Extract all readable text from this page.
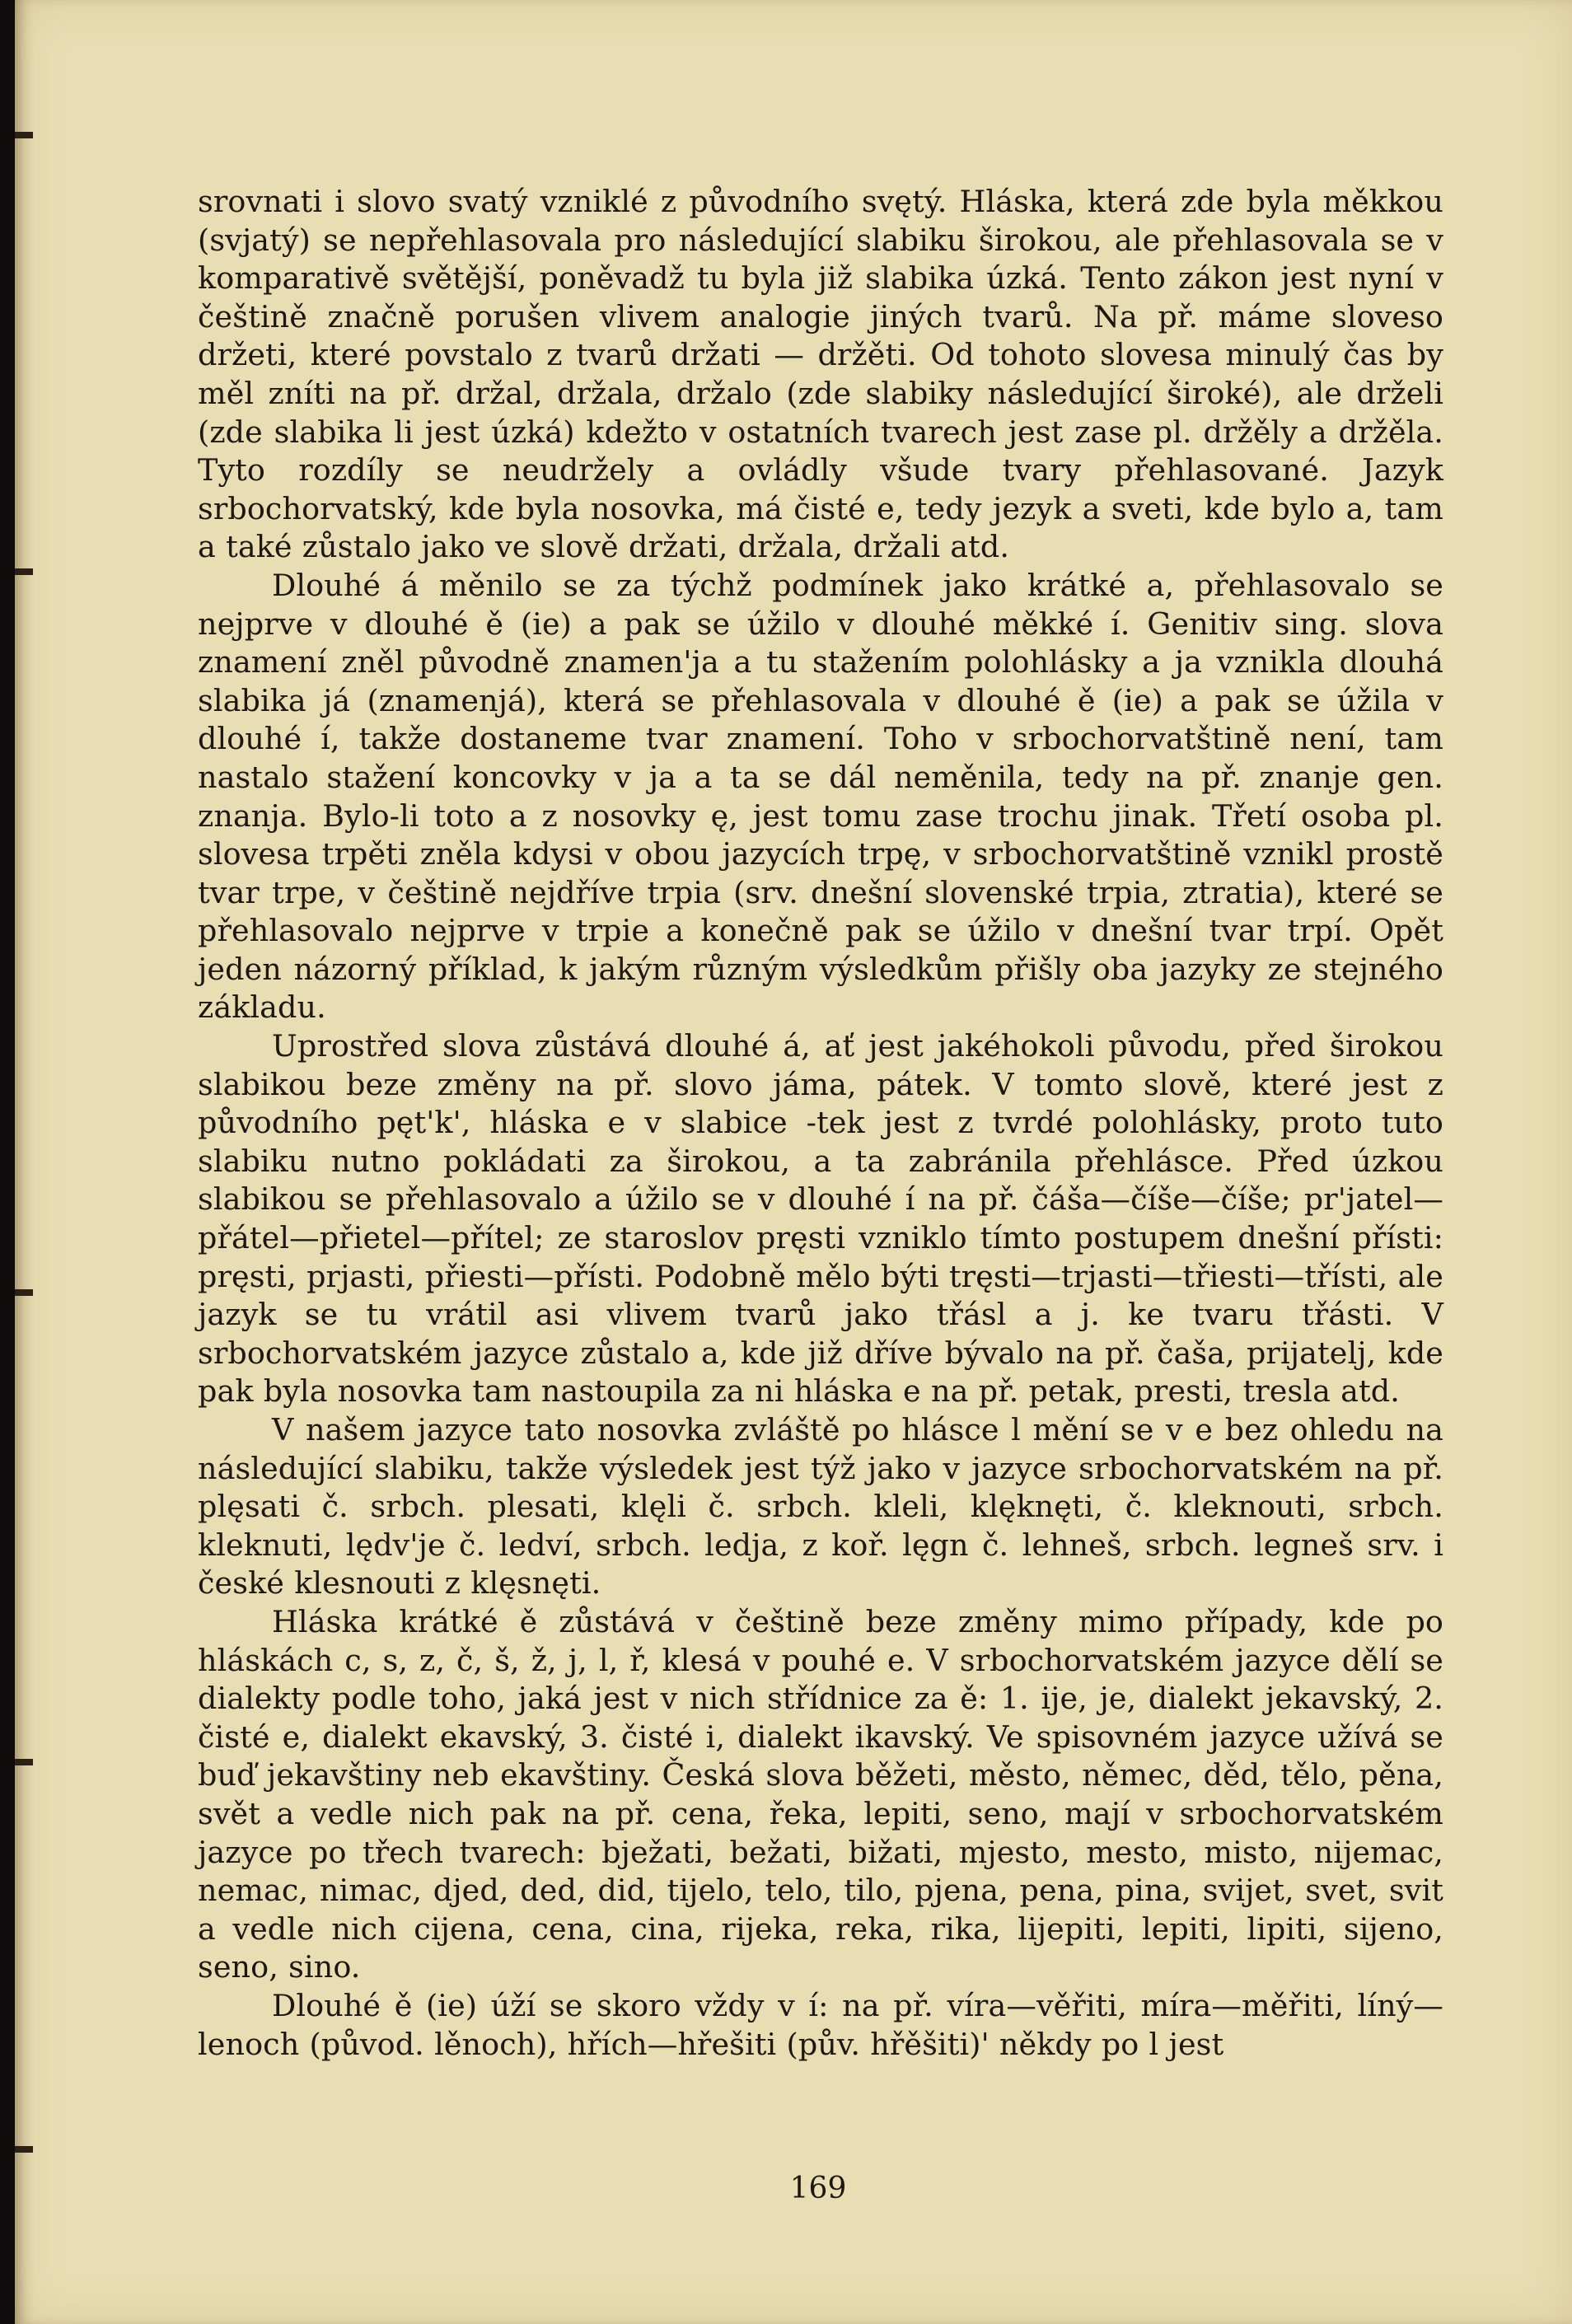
srovnati i slovo svatý vzniklé z původního svętý. Hláska, která zde byla měkkou (svjatý) se nepřehlasovala pro následující slabiku širokou, ale přehlasovala se v komparativě světější, poněvadž tu byla již slabika úzká. Tento zákon jest nyní v češtině značně porušen vlivem analogie jiných tvarů. Na př. máme sloveso držeti, které povstalo z tvarů držati — držěti. Od tohoto slovesa minulý čas by měl zníti na př. držal, držala, držalo (zde slabiky následující široké), ale drželi (zde slabika li jest úzká) kdežto v ostatních tvarech jest zase pl. držěly a držěla. Tyto rozdíly se neudržely a ovládly všude tvary přehlasované. Jazyk srbochorvatský, kde byla nosovka, má čisté e, tedy jezyk a sveti, kde bylo a, tam a také zůstalo jako ve slově držati, držala, držali atd.

Dlouhé á měnilo se za týchž podmínek jako krátké a, přehlasovalo se nejprve v dlouhé ě (ie) a pak se úžilo v dlouhé měkké í. Genitiv sing. slova znamení zněl původně znamen'ja a tu stažením polohlásky a ja vznikla dlouhá slabika já (znamenjá), která se přehlasovala v dlouhé ě (ie) a pak se úžila v dlouhé í, takže dostaneme tvar znamení. Toho v srbochorvatštině není, tam nastalo stažení koncovky v ja a ta se dál neměnila, tedy na př. znanje gen. znanja. Bylo-li toto a z nosovky ę, jest tomu zase trochu jinak. Třetí osoba pl. slovesa trpěti zněla kdysi v obou jazycích trpę, v srbochorvatštině vznikl prostě tvar trpe, v češtině nejdříve trpia (srv. dnešní slovenské trpia, ztratia), které se přehlasovalo nejprve v trpie a konečně pak se úžilo v dnešní tvar trpí. Opět jeden názorný příklad, k jakým různým výsledkům přišly oba jazyky ze stejného základu.

Uprostřed slova zůstává dlouhé á, ať jest jakéhokoli původu, před širokou slabikou beze změny na př. slovo jáma, pátek. V tomto slově, které jest z původního pęt'k', hláska e v slabice -tek jest z tvrdé polohlásky, proto tuto slabiku nutno pokládati za širokou, a ta zabránila přehlásce. Před úzkou slabikou se přehlasovalo a úžilo se v dlouhé í na př. čáša—číše—číše; pr'jatel—přátel—přietel—přítel; ze staroslov pręsti vzniklo tímto postupem dnešní přísti: pręsti, prjasti, přiesti—přísti. Podobně mělo býti tręsti—trjasti—třiesti—třísti, ale jazyk se tu vrátil asi vlivem tvarů jako třásl a j. ke tvaru třásti. V srbochorvatském jazyce zůstalo a, kde již dříve bývalo na př. čaša, prijatelj, kde pak byla nosovka tam nastoupila za ni hláska e na př. petak, presti, tresla atd.

V našem jazyce tato nosovka zvláště po hlásce l mění se v e bez ohledu na následující slabiku, takže výsledek jest týž jako v jazyce srbochorvatském na př. plęsati č. srbch. plesati, klęli č. srbch. kleli, klęknęti, č. kleknouti, srbch. kleknuti, lędv'je č. ledví, srbch. ledja, z koř. lęgn č. lehneš, srbch. legneš srv. i české klesnouti z klęsnęti.

Hláska krátké ě zůstává v češtině beze změny mimo případy, kde po hláskách c, s, z, č, š, ž, j, l, ř, klesá v pouhé e. V srbochorvatském jazyce dělí se dialekty podle toho, jaká jest v nich střídnice za ě: 1. ije, je, dialekt jekavský, 2. čisté e, dialekt ekavský, 3. čisté i, dialekt ikavský. Ve spisovném jazyce užívá se buď jekavštiny neb ekavštiny. Česká slova běžeti, město, němec, děd, tělo, pěna, svět a vedle nich pak na př. cena, řeka, lepiti, seno, mají v srbochorvatském jazyce po třech tvarech: bježati, bežati, bižati, mjesto, mesto, misto, nijemac, nemac, nimac, djed, ded, did, tijelo, telo, tilo, pjena, pena, pina, svijet, svet, svit a vedle nich cijena, cena, cina, rijeka, reka, rika, lijepiti, lepiti, lipiti, sijeno, seno, sino.

Dlouhé ě (ie) úží se skoro vždy v í: na př. víra—věřiti, míra—měřiti, líný—lenoch (původ. lěnoch), hřích—hřešiti (pův. hřěšiti)' někdy po l jest

169
